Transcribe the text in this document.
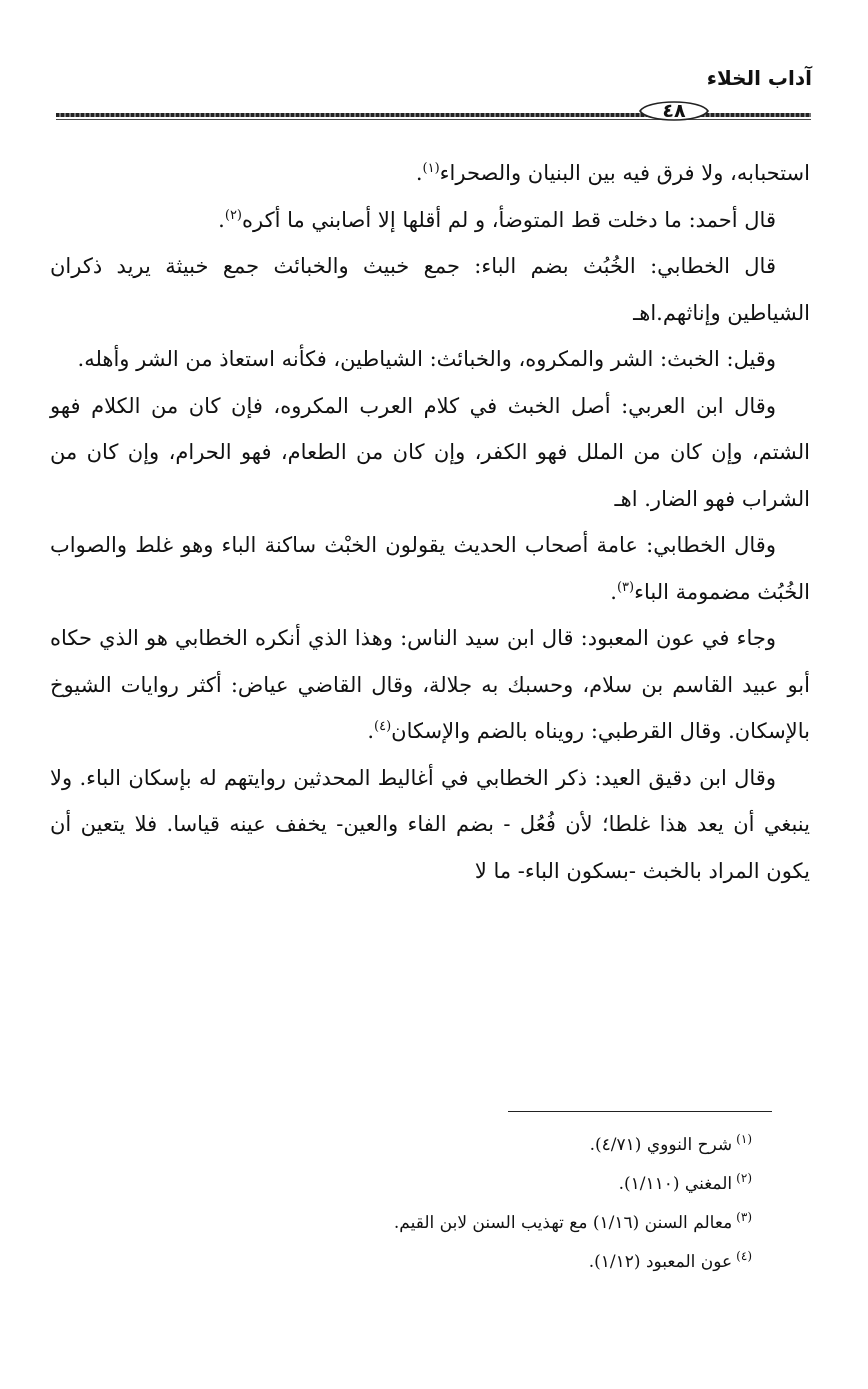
آداب الخلاء
٤٨

استحبابه، ولا فرق فيه بين البنيان والصحراء$^{(١)}$.

قال أحمد: ما دخلت قط المتوضأ، و لم أقلها إلا أصابني ما أكره$^{(٢)}$.

قال الخطابي: الخُبُث بضم الباء: جمع خبيث والخبائث جمع خبيثة يريد ذكران الشياطين وإناثهم.اهـ

وقيل: الخبث: الشر والمكروه، والخبائث: الشياطين، فكأنه استعاذ من الشر وأهله.

وقال ابن العربي: أصل الخبث في كلام العرب المكروه، فإن كان من الكلام فهو الشتم، وإن كان من الملل فهو الكفر، وإن كان من الطعام، فهو الحرام، وإن كان من الشراب فهو الضار. اهـ

وقال الخطابي: عامة أصحاب الحديث يقولون الخبْث ساكنة الباء وهو غلط والصواب الخُبُث مضمومة الباء$^{(٣)}$.

وجاء في عون المعبود: قال ابن سيد الناس: وهذا الذي أنكره الخطابي هو الذي حكاه أبو عبيد القاسم بن سلام، وحسبك به جلالة، وقال القاضي عياض: أكثر روايات الشيوخ بالإسكان. وقال القرطبي: رويناه بالضم والإسكان$^{(٤)}$.

وقال ابن دقيق العيد: ذكر الخطابي في أغاليط المحدثين روايتهم له بإسكان الباء. ولا ينبغي أن يعد هذا غلطا؛ لأن فُعُل - بضم الفاء والعين- يخفف عينه قياسا. فلا يتعين أن يكون المراد بالخبث -بسكون الباء- ما لا

$^{(١)}$شرح النووي (٤/٧١).

$^{(٢)}$المغني (١/١١٠).

$^{(٣)}$معالم السنن (١/١٦) مع تهذيب السنن لابن القيم.

$^{(٤)}$عون المعبود (١/١٢).
